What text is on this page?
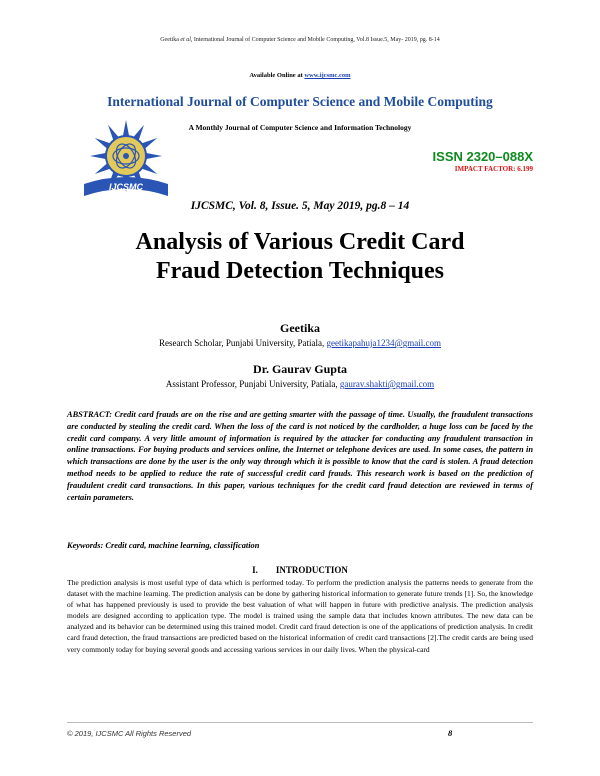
Geetika et al, International Journal of Computer Science and Mobile Computing, Vol.8 Issue.5, May- 2019, pg. 8-14
Available Online at www.ijcsmc.com
International Journal of Computer Science and Mobile Computing
A Monthly Journal of Computer Science and Information Technology
IJCSMC
ISSN 2320–088X
IMPACT FACTOR: 6.199
IJCSMC, Vol. 8, Issue. 5, May 2019, pg.8 – 14
Analysis of Various Credit Card
Fraud Detection Techniques
Geetika
Research Scholar, Punjabi University, Patiala, geetikapahuja1234@gmail.com
Dr. Gaurav Gupta
Assistant Professor, Punjabi University, Patiala, gaurav.shakti@gmail.com

ABSTRACT: Credit card frauds are on the rise and are getting smarter with the passage of time. Usually, the fraudulent transactions are conducted by stealing the credit card. When the loss of the card is not noticed by the cardholder, a huge loss can be faced by the credit card company. A very little amount of information is required by the attacker for conducting any fraudulent transaction in online transactions. For buying products and services online, the Internet or telephone devices are used. In some cases, the pattern in which transactions are done by the user is the only way through which it is possible to know that the card is stolen. A fraud detection method needs to be applied to reduce the rate of successful credit card frauds. This research work is based on the prediction of fraudulent credit card transactions. In this paper, various techniques for the credit card fraud detection are reviewed in terms of certain parameters.

Keywords: Credit card, machine learning, classification
I. INTRODUCTION

The prediction analysis is most useful type of data which is performed today. To perform the prediction analysis the patterns needs to generate from the dataset with the machine learning. The prediction analysis can be done by gathering historical information to generate future trends [1]. So, the knowledge of what has happened previously is used to provide the best valuation of what will happen in future with predictive analysis. The prediction analysis models are designed according to application type. The model is trained using the sample data that includes known attributes. The new data can be analyzed and its behavior can be determined using this trained model. Credit card fraud detection is one of the applications of prediction analysis. In credit card fraud detection, the fraud transactions are predicted based on the historical information of credit card transactions [2].The credit cards are being used very commonly today for buying several goods and accessing various services in our daily lives. When the physical-card

© 2019, IJCSMC All Rights Reserved	8
